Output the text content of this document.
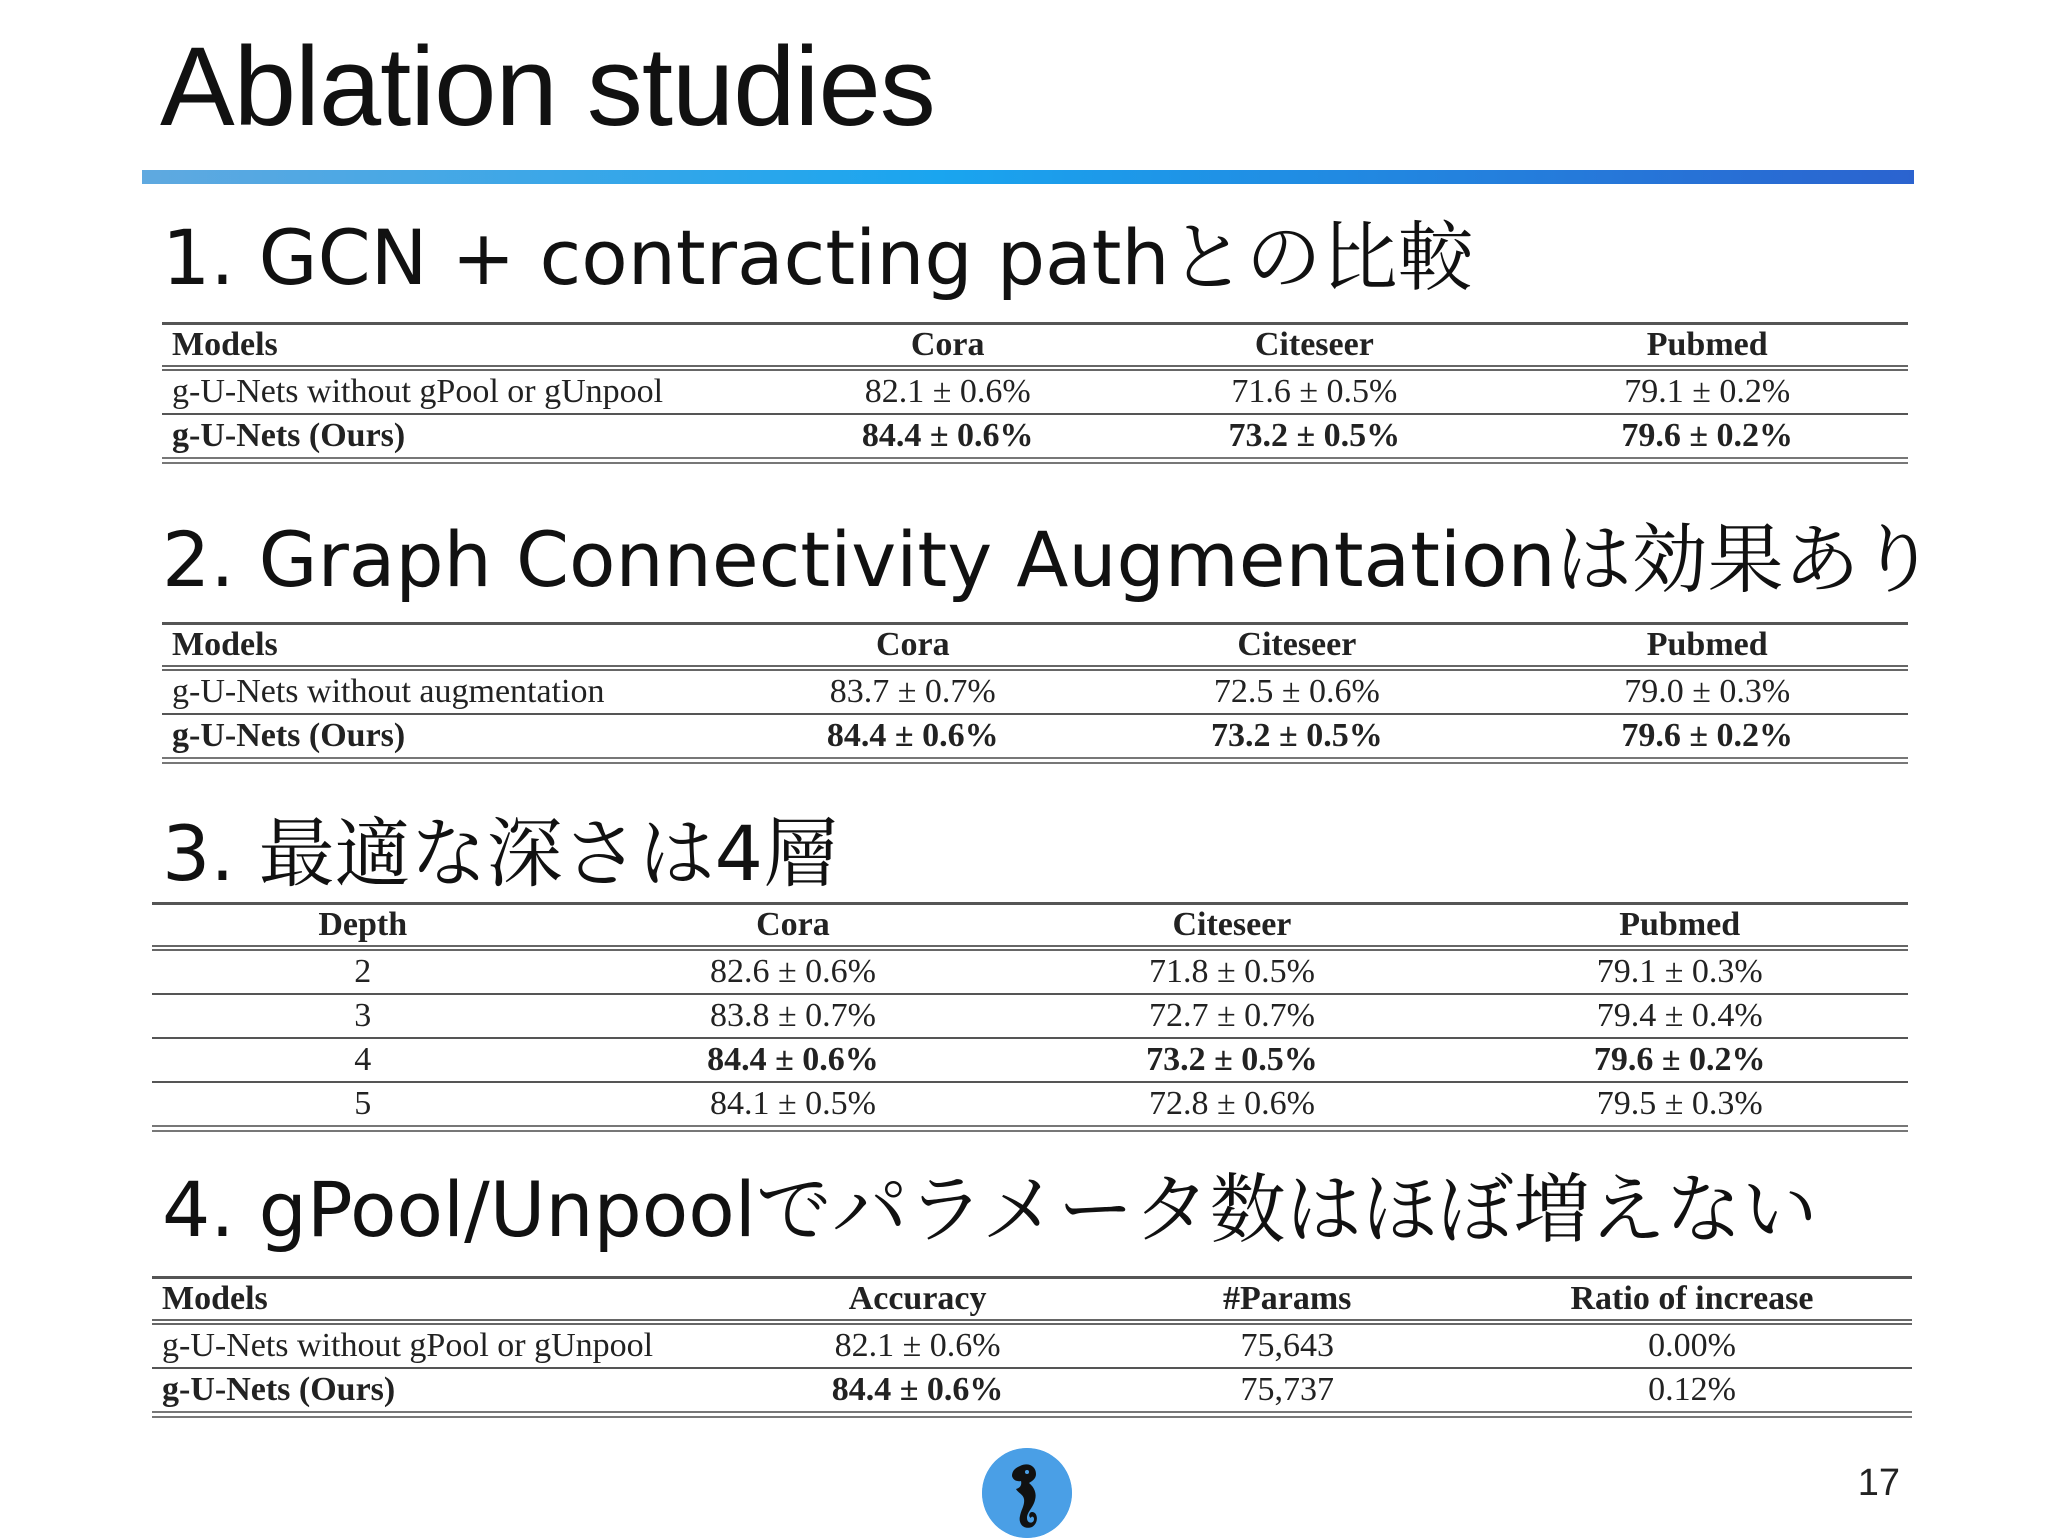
Ablation studies
1. GCN + contracting pathとの比較
Models	Cora	Citeseer	Pubmed
g-U-Nets without gPool or gUnpool	82.1 ± 0.6%	71.6 ± 0.5%	79.1 ± 0.2%
g-U-Nets (Ours)	84.4 ± 0.6%	73.2 ± 0.5%	79.6 ± 0.2%
2. Graph Connectivity Augmentationは効果あり
Models	Cora	Citeseer	Pubmed
g-U-Nets without augmentation	83.7 ± 0.7%	72.5 ± 0.6%	79.0 ± 0.3%
g-U-Nets (Ours)	84.4 ± 0.6%	73.2 ± 0.5%	79.6 ± 0.2%
3. 最適な深さは4層
Depth	Cora	Citeseer	Pubmed
2	82.6 ± 0.6%	71.8 ± 0.5%	79.1 ± 0.3%
3	83.8 ± 0.7%	72.7 ± 0.7%	79.4 ± 0.4%
4	84.4 ± 0.6%	73.2 ± 0.5%	79.6 ± 0.2%
5	84.1 ± 0.5%	72.8 ± 0.6%	79.5 ± 0.3%
4. gPool/Unpoolでパラメータ数はほぼ増えない
Models	Accuracy	#Params	Ratio of increase
g-U-Nets without gPool or gUnpool	82.1 ± 0.6%	75,643	0.00%
g-U-Nets (Ours)	84.4 ± 0.6%	75,737	0.12%
17
